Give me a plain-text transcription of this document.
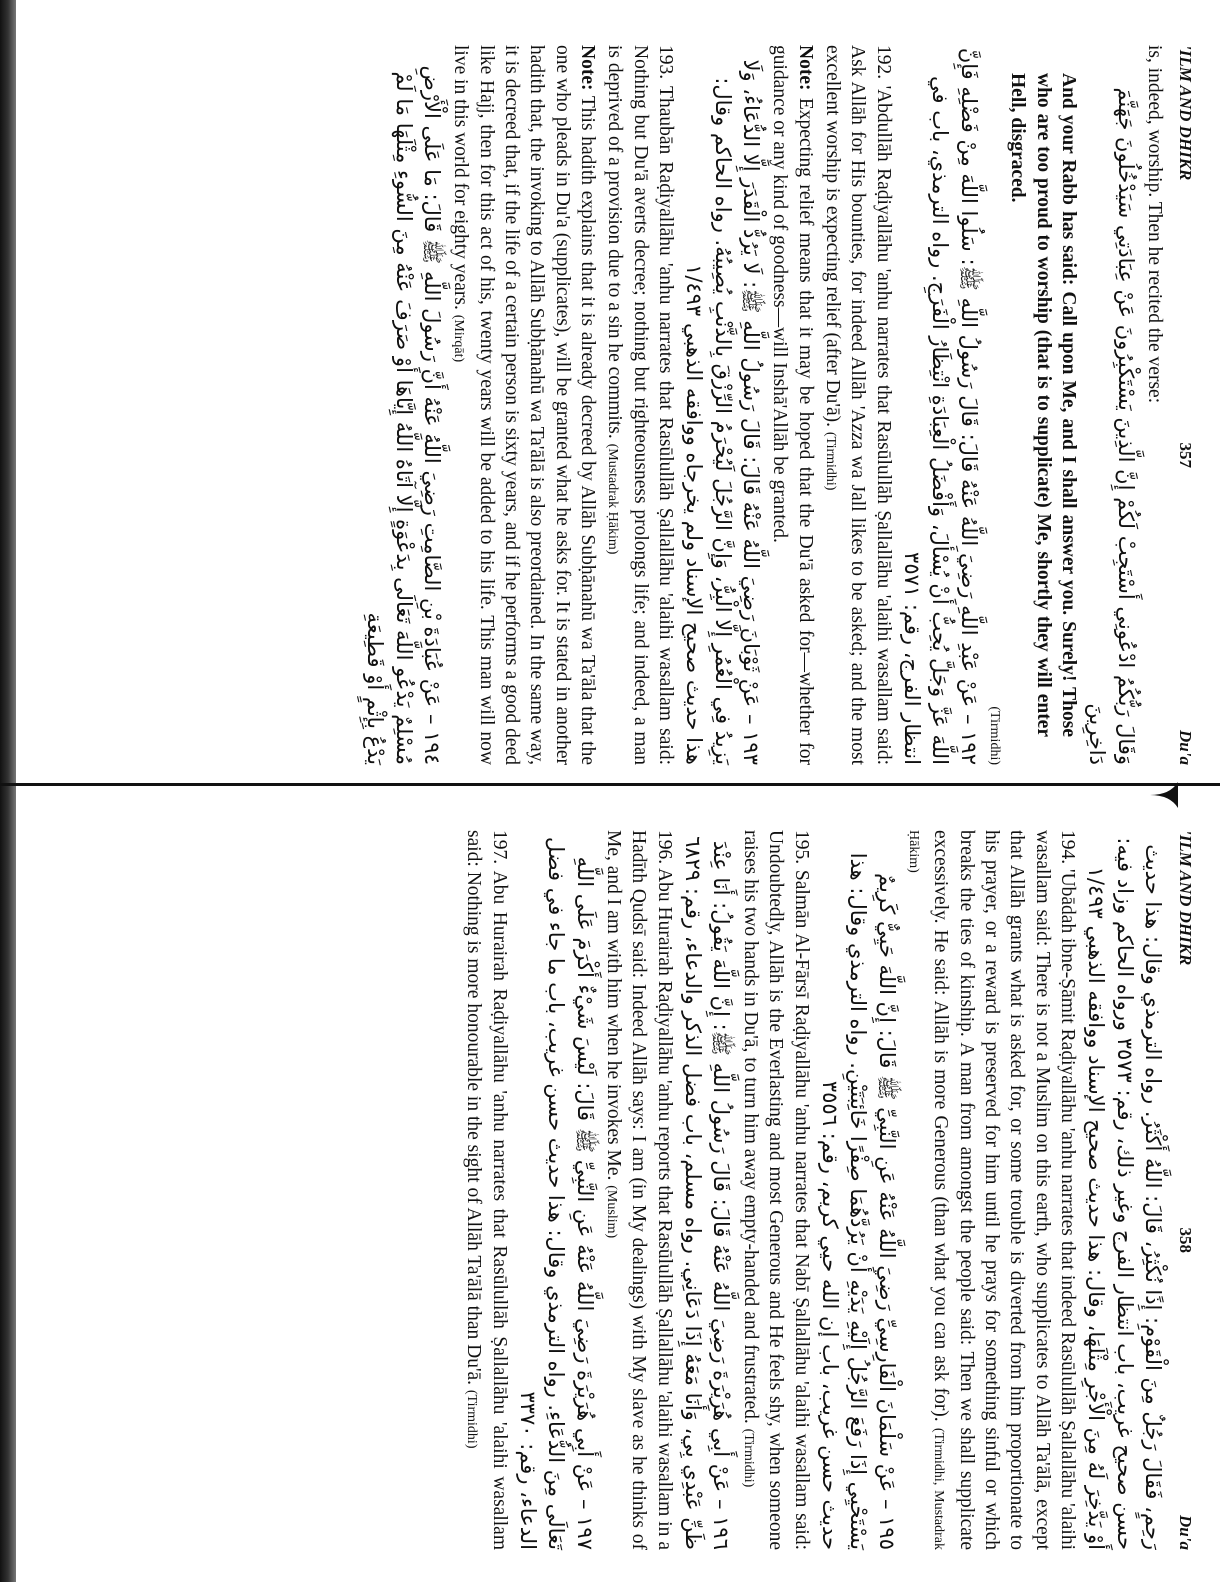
'ILM AND DHIKR
357
Du'a
is, indeed, worship. Then he recited the verse:
وَقَالَ رَبُّكُمُ ادْعُونِي أَسْتَجِبْ لَكُمْ إِنَّ الَّذِينَ يَسْتَكْبِرُونَ عَنْ عِبَادَتِي سَيَدْخُلُونَ جَهَنَّمَ دَاخِرِينَ
And your Rabb has said: Call upon Me, and I shall answer you. Surely! Those who are too proud to worship (that is to supplicate) Me, shortly they will enter Hell, disgraced.
(Tirmidhi)
١٩٢ – عَنْ عَبْدِ اللَّهِ رَضِيَ اللَّهُ عَنْهُ قَالَ: قَالَ رَسُولُ اللَّهِ ﷺ: سَلُوا اللَّهَ مِنْ فَضْلِهِ فَإِنَّ اللَّهَ عَزَّ وَجَلَّ يُحِبُّ أَنْ يُسْأَلَ، وَأَفْضَلُ الْعِبَادَةِ انْتِظَارُ الْفَرَجِ. رواه الترمذي، باب في انتظار الفرج، رقم: ٣٥٧١
192. 'Abdullāh Raḍiyallāhu 'anhu narrates that Rasūlullāh Ṣallallāhu 'alaihi wasallam said: Ask Allāh for His bounties, for indeed Allāh 'Azza wa Jall likes to be asked; and the most excellent worship is expecting relief (after Du'ā). (Tirmidhi)
Note: Expecting relief means that it may be hoped that the Du'ā asked for—whether for guidance or any kind of goodness—will Inshā'Allāh be granted.
١٩٣ – عَنْ ثَوْبَانَ رَضِيَ اللَّهُ عَنْهُ قَالَ: قَالَ رَسُولُ اللَّهِ ﷺ: لَا يَرُدُّ الْقَدَرَ إِلَّا الدُّعَاءُ، وَلَا يَزِيدُ فِي الْعُمُرِ إِلَّا الْبِرُّ، وَإِنَّ الرَّجُلَ لَيُحْرَمُ الرِّزْقَ بِالذَّنْبِ يُصِيبُهُ. رواه الحاكم وقال: هذا حديث صحيح الإسناد ولم يخرجاه ووافقه الذهبي ١/٤٩٣
193. Thaubān Raḍiyallāhu 'anhu narrates that Rasūlullāh Ṣallallāhu 'alaihi wasallam said: Nothing but Du'ā averts decree; nothing but righteousness prolongs life; and indeed, a man is deprived of a provision due to a sin he commits. (Mustadrak Ḥākim)
Note: This hadith explains that it is already decreed by Allāh Subḥānahū wa Ta'āla that the one who pleads in Du'a (supplicates), will be granted what he asks for. It is stated in another hadith that, the invoking to Allāh Subḥānahū wa Ta'ālā is also preordained. In the same way, it is decreed that, if the life of a certain person is sixty years, and if he performs a good deed like Hajj, then for this act of his, twenty years will be added to his life. This man will now live in this world for eighty years. (Mirqāt)
١٩٤ – عَنْ عُبَادَةَ بْنِ الصَّامِتِ رَضِيَ اللَّهُ عَنْهُ أَنَّ رَسُولَ اللَّهِ ﷺ قَالَ: مَا عَلَى الْأَرْضِ مُسْلِمٌ يَدْعُو اللَّهَ تَعَالَى بِدَعْوَةٍ إِلَّا آتَاهُ اللَّهُ إِيَّاهَا أَوْ صَرَفَ عَنْهُ مِنَ السُّوءِ مِثْلَهَا مَا لَمْ يَدْعُ بِإِثْمٍ أَوْ قَطِيعَةِ
'ILM AND DHIKR
358
Du'a
رَحِمٍ، فَقَالَ رَجُلٌ مِنَ الْقَوْمِ: إِذًا نُكْثِرُ، قَالَ: اللَّهُ أَكْثَرُ. رواه الترمذي وقال: هذا حديث حسن صحيح غريب، باب انتظار الفرج وغير ذلك، رقم: ٣٥٧٣ ورواه الحاكم وزاد فيه: أَوْ يَدَّخِرَ لَهُ مِنَ الْأَجْرِ مِثْلَهَا، وقال: هذا حديث صحيح الإسناد ووافقه الذهبي ١/٤٩٣
194. 'Ubādah ibne-Ṣāmit Raḍiyallāhu 'anhu narrates that indeed Rasūlullāh Ṣallallāhu 'alaihi wasallam said: There is not a Muslim on this earth, who supplicates to Allāh Ta'ālā, except that Allāh grants what is asked for, or some trouble is diverted from him proportionate to his prayer, or a reward is preserved for him until he prays for something sinful or which breaks the ties of kinship. A man from amongst the people said: Then we shall supplicate excessively. He said: Allāh is more Generous (than what you can ask for). (Tirmidhi, Mustadrak Ḥākim)
١٩٥ – عَنْ سَلْمَانَ الْفَارِسِيِّ رَضِيَ اللَّهُ عَنْهُ عَنِ النَّبِيِّ ﷺ قَالَ: إِنَّ اللَّهَ حَيِيٌّ كَرِيمٌ يَسْتَحْيِي إِذَا رَفَعَ الرَّجُلُ إِلَيْهِ يَدَيْهِ أَنْ يَرُدَّهُمَا صِفْرًا خَائِبَتَيْنِ. رواه الترمذي وقال: هذا حديث حسن غريب، باب إن الله حيي كريم، رقم: ٣٥٥٦
195. Salmān Al-Fārsī Raḍiyallāhu 'anhu narrates that Nabī Ṣallallāhu 'alaihi wasallam said: Undoubtedly, Allāh is the Everlasting and most Generous and He feels shy, when someone raises his two hands in Du'ā, to turn him away empty-handed and frustrated. (Tirmidhi)
١٩٦ – عَنْ أَبِي هُرَيْرَةَ رَضِيَ اللَّهُ عَنْهُ قَالَ: قَالَ رَسُولُ اللَّهِ ﷺ: إِنَّ اللَّهَ يَقُولُ: أَنَا عِنْدَ ظَنِّ عَبْدِي بِي، وَأَنَا مَعَهُ إِذَا دَعَانِي. رواه مسلم، باب فضل الذكر والدعاء، رقم: ٦٨٢٩
196. Abu Hurairah Raḍiyallāhu 'anhu reports that Rasūlullāh Ṣallallāhu 'alaihi wasallam in a Hadīth Qudsī said: Indeed Allāh says: I am (in My dealings) with My slave as he thinks of Me, and I am with him when he invokes Me. (Muslim)
١٩٧ – عَنْ أَبِي هُرَيْرَةَ رَضِيَ اللَّهُ عَنْهُ عَنِ النَّبِيِّ ﷺ قَالَ: لَيْسَ شَيْءٌ أَكْرَمَ عَلَى اللَّهِ تَعَالَى مِنَ الدُّعَاءِ. رواه الترمذي وقال: هذا حديث حسن غريب، باب ما جاء في فضل الدعاء، رقم: ٣٣٧٠
197. Abu Hurairah Raḍiyallāhu 'anhu narrates that Rasūlullāh Ṣallallāhu 'alaihi wasallam said: Nothing is more honourable in the sight of Allāh Ta'ālā than Du'ā. (Tirmidhi)
